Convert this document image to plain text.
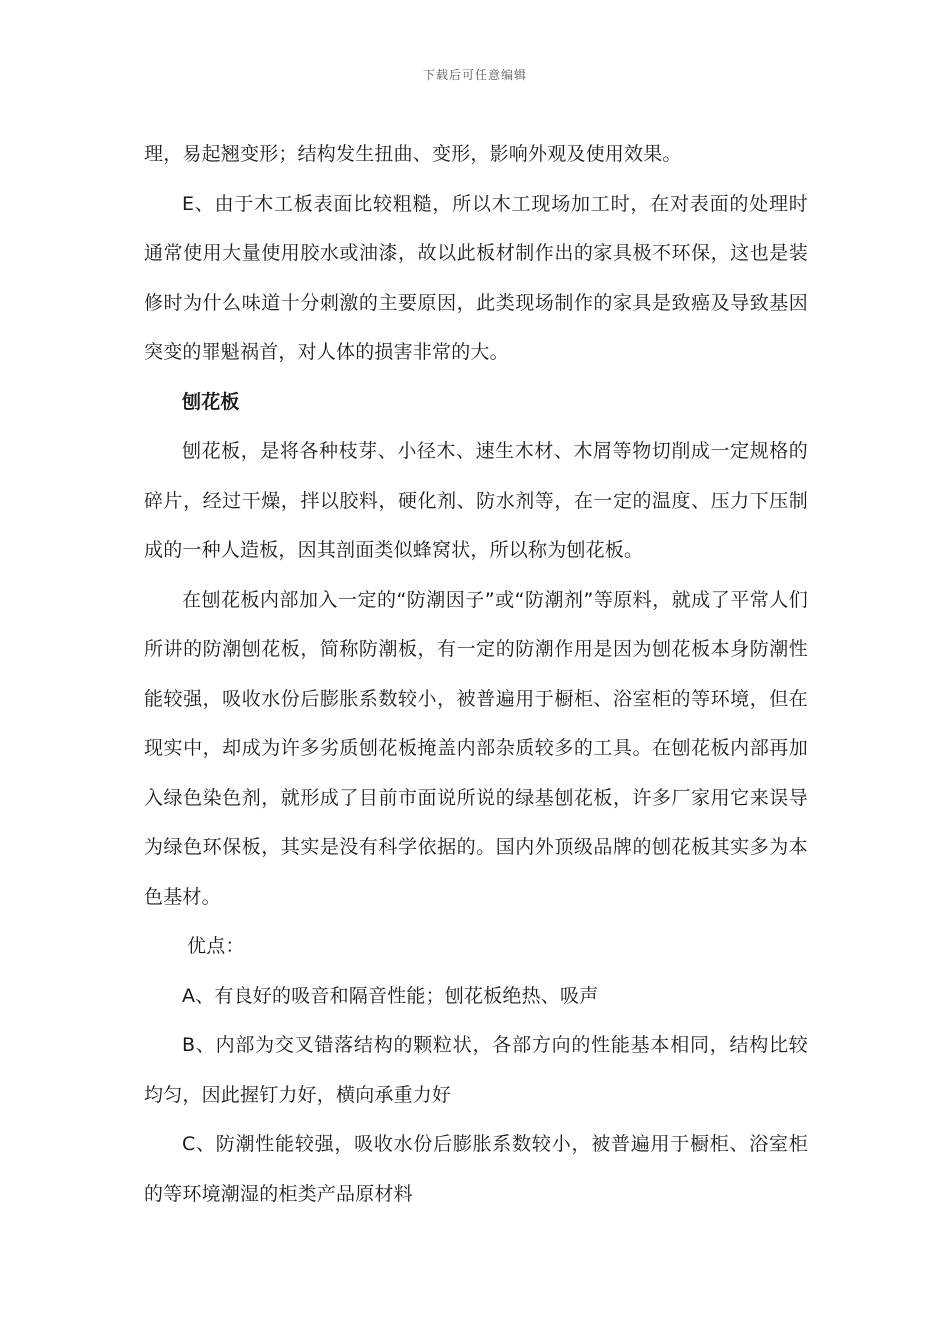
下载后可任意编辑

理，易起翘变形；结构发生扭曲、变形，影响外观及使用效果。

E、由于木工板表面比较粗糙，所以木工现场加工时，在对表面的处理时通常使用大量使用胶水或油漆，故以此板材制作出的家具极不环保，这也是装修时为什么味道十分刺激的主要原因，此类现场制作的家具是致癌及导致基因突变的罪魁祸首，对人体的损害非常的大。

刨花板

刨花板，是将各种枝芽、小径木、速生木材、木屑等物切削成一定规格的碎片，经过干燥，拌以胶料，硬化剂、防水剂等，在一定的温度、压力下压制成的一种人造板，因其剖面类似蜂窝状，所以称为刨花板。

在刨花板内部加入一定的“防潮因子”或“防潮剂”等原料，就成了平常人们所讲的防潮刨花板，简称防潮板，有一定的防潮作用是因为刨花板本身防潮性能较强，吸收水份后膨胀系数较小，被普遍用于橱柜、浴室柜的等环境，但在现实中，却成为许多劣质刨花板掩盖内部杂质较多的工具。在刨花板内部再加入绿色染色剂，就形成了目前市面说所说的绿基刨花板，许多厂家用它来误导为绿色环保板，其实是没有科学依据的。国内外顶级品牌的刨花板其实多为本色基材。

优点：

A、有良好的吸音和隔音性能；刨花板绝热、吸声

B、内部为交叉错落结构的颗粒状，各部方向的性能基本相同，结构比较均匀，因此握钉力好，横向承重力好

C、防潮性能较强，吸收水份后膨胀系数较小，被普遍用于橱柜、浴室柜的等环境潮湿的柜类产品原材料
